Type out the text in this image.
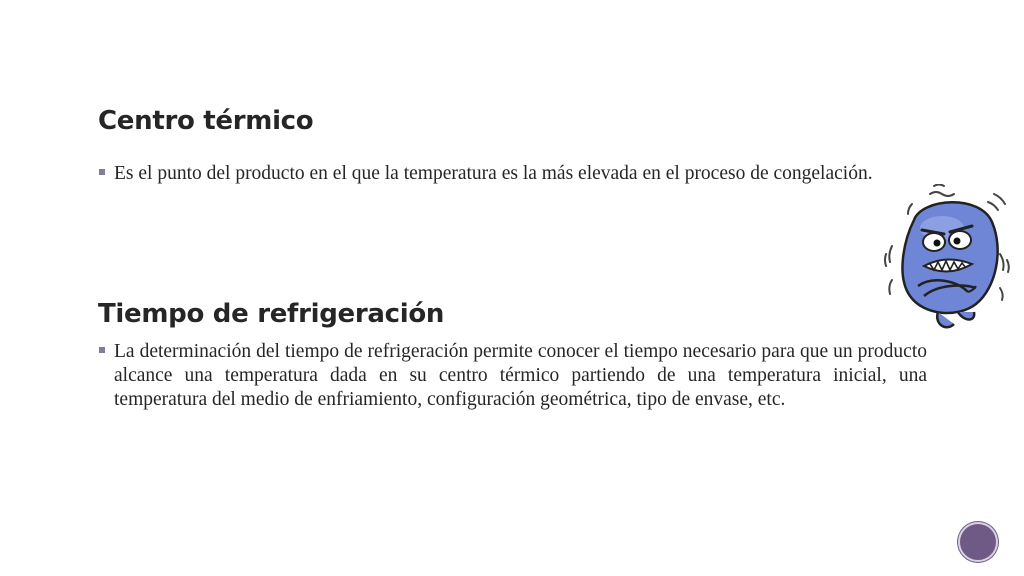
Centro térmico
Es el punto del producto en el que la temperatura es la más elevada en el proceso de congelación.
Tiempo de refrigeración
La determinación del tiempo de refrigeración permite conocer el tiempo necesario para que un producto alcance una temperatura dada en su centro térmico partiendo de una temperatura inicial, una temperatura del medio de enfriamiento, configuración geométrica, tipo de envase, etc.
